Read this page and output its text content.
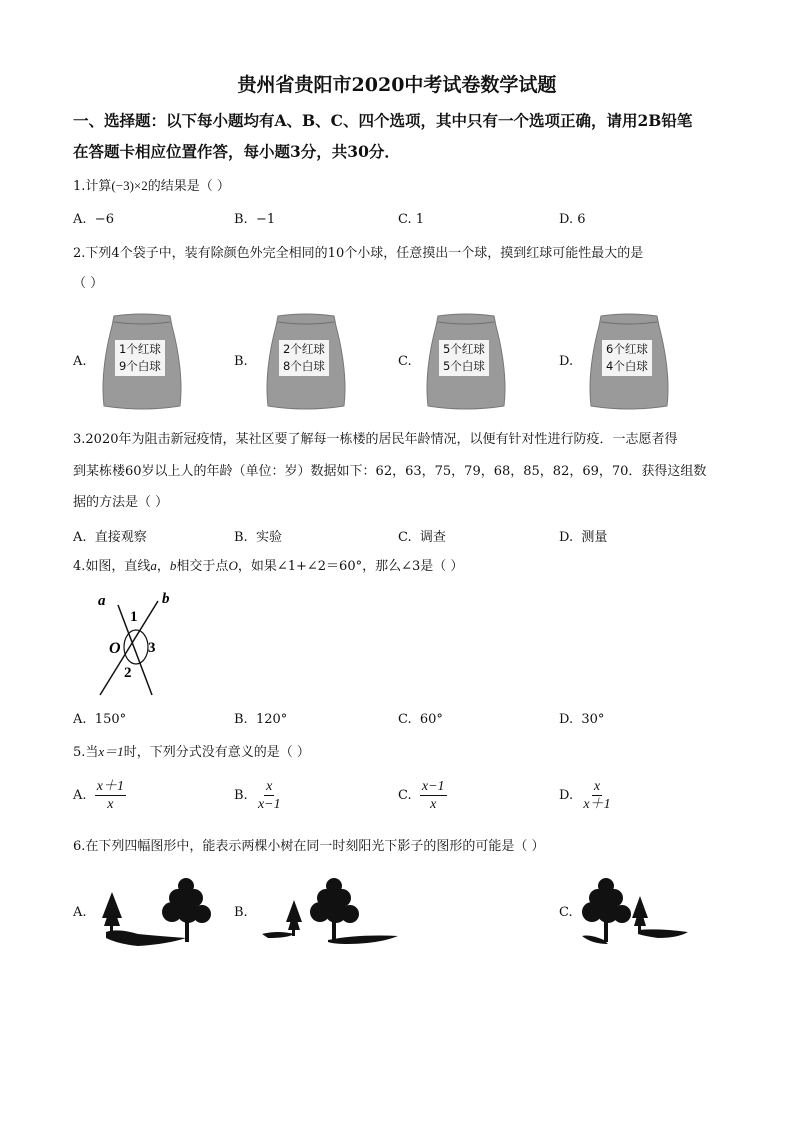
贵州省贵阳市2020中考试卷数学试题
一、选择题：以下每小题均有A、B、C、四个选项，其中只有一个选项正确，请用2B铅笔
在答题卡相应位置作答，每小题3分，共30分．
1.计算(−3)×2的结果是（ ）
A. −6	B. −1	C. 1	D. 6
2.下列4个袋子中，装有除颜色外完全相同的10个小球，任意摸出一个球，摸到红球可能性最大的是
（ ）
A.
1个红球
9个白球	B.
2个红球
8个白球	C.
5个红球
5个白球	D.
6个红球
4个白球
3.2020年为阻击新冠疫情，某社区要了解每一栋楼的居民年龄情况，以便有针对性进行防疫．一志愿者得
到某栋楼60岁以上人的年龄（单位：岁）数据如下：62，63，75，79，68，85，82，69，70．获得这组数
据的方法是（ ）
A. 直接观察	B. 实验	C. 调查	D. 测量
4.如图，直线a，b相交于点O，如果∠1+∠2＝60°，那么∠3是（ ）
a	b
1
3
O
2
A. 150°	B. 120°	C. 60°	D. 30°
5.当x＝1时，下列分式没有意义的是（ ）
A. $\frac{x+1}{x}$	B. $\frac{x}{x-1}$	C. $\frac{x-1}{x}$	D. $\frac{x}{x+1}$
6.在下列四幅图形中，能表示两棵小树在同一时刻阳光下影子的图形的可能是（ ）
A.	B.	C.
